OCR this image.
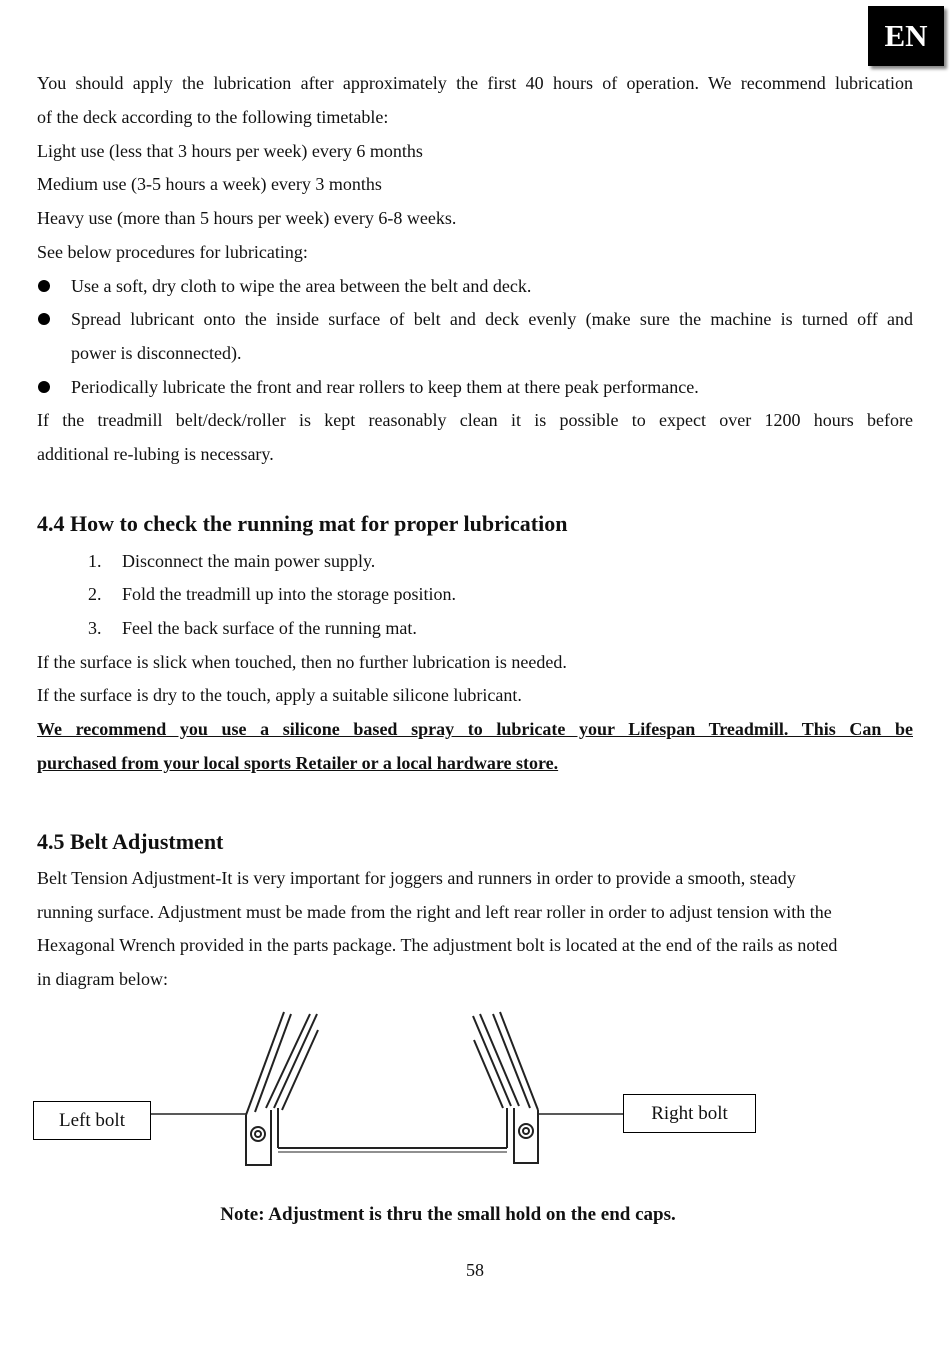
EN
You should apply the lubrication after approximately the first 40 hours of operation. We recommend lubrication
of the deck according to the following timetable:
Light use (less that 3 hours per week) every 6 months
Medium use (3-5 hours a week) every 3 months
Heavy use (more than 5 hours per week) every 6-8 weeks.
See below procedures for lubricating:
Use a soft, dry cloth to wipe the area between the belt and deck.
Spread lubricant onto the inside surface of belt and deck evenly (make sure the machine is turned off and
power is disconnected).
Periodically lubricate the front and rear rollers to keep them at there peak performance.
If the treadmill belt/deck/roller is kept reasonably clean it is possible to expect over 1200 hours before
additional re-lubing is necessary.
4.4 How to check the running mat for proper lubrication
1. Disconnect the main power supply.
2. Fold the treadmill up into the storage position.
3. Feel the back surface of the running mat.
If the surface is slick when touched, then no further lubrication is needed.
If the surface is dry to the touch, apply a suitable silicone lubricant.
We recommend you use a silicone based spray to lubricate your Lifespan Treadmill. This Can be
purchased from your local sports Retailer or a local hardware store.
4.5 Belt Adjustment
Belt Tension Adjustment-It is very important for joggers and runners in order to provide a smooth, steady
running surface. Adjustment must be made from the right and left rear roller in order to adjust tension with the
Hexagonal Wrench provided in the parts package. The adjustment bolt is located at the end of the rails as noted
in diagram below:
Left bolt	Right bolt
Note: Adjustment is thru the small hold on the end caps.
58
